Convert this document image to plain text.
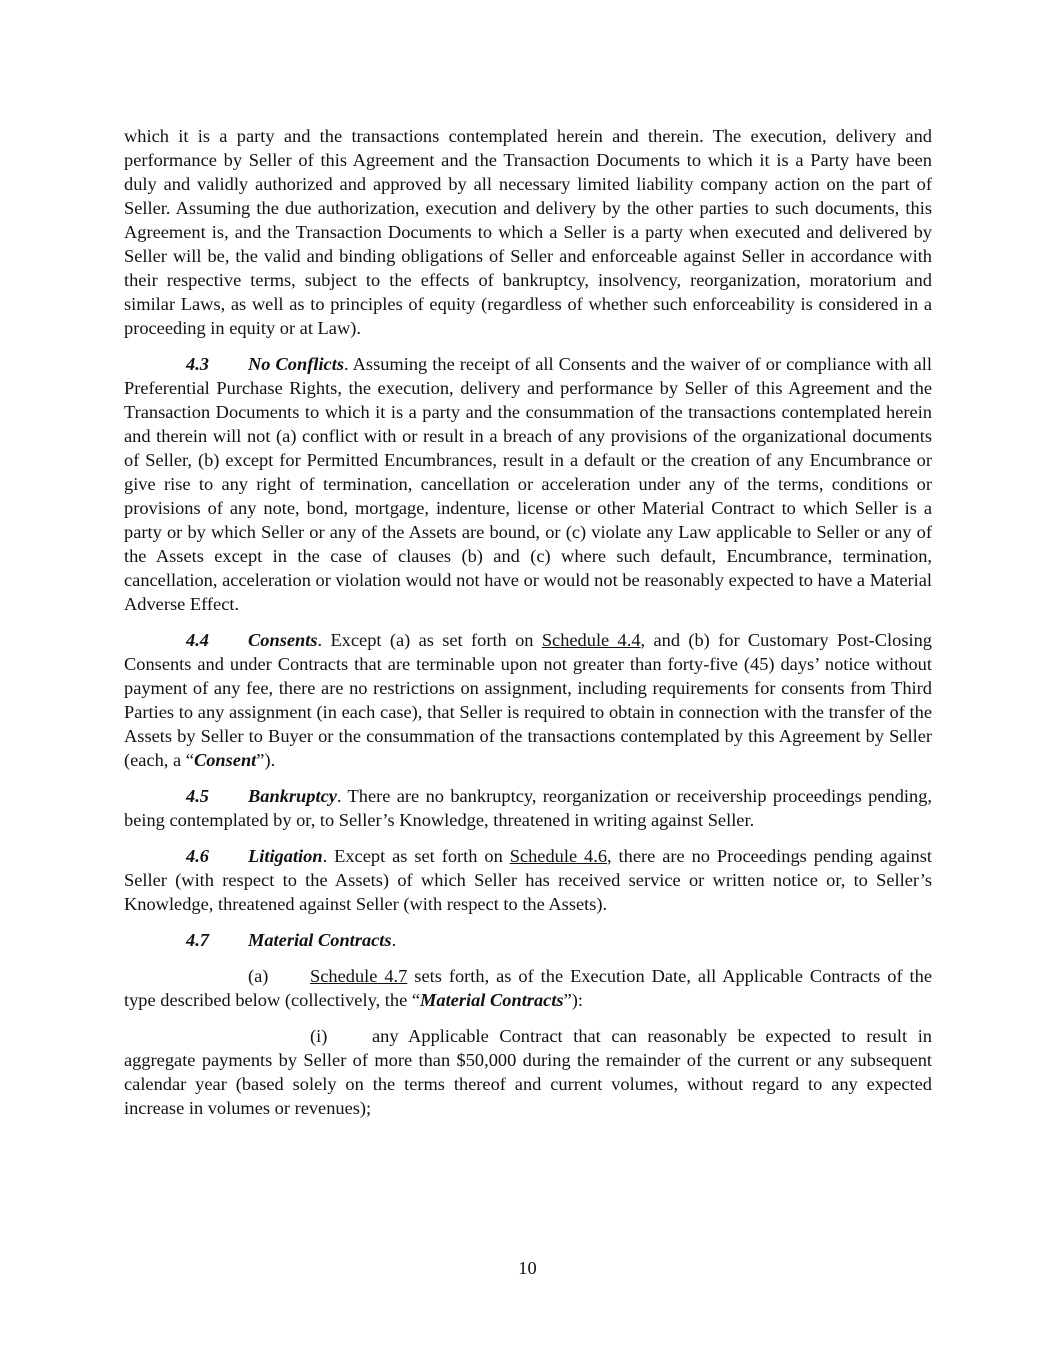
which it is a party and the transactions contemplated herein and therein. The execution, delivery and performance by Seller of this Agreement and the Transaction Documents to which it is a Party have been duly and validly authorized and approved by all necessary limited liability company action on the part of Seller. Assuming the due authorization, execution and delivery by the other parties to such documents, this Agreement is, and the Transaction Documents to which a Seller is a party when executed and delivered by Seller will be, the valid and binding obligations of Seller and enforceable against Seller in accordance with their respective terms, subject to the effects of bankruptcy, insolvency, reorganization, moratorium and similar Laws, as well as to principles of equity (regardless of whether such enforceability is considered in a proceeding in equity or at Law).

4.3 No Conflicts. Assuming the receipt of all Consents and the waiver of or compliance with all Preferential Purchase Rights, the execution, delivery and performance by Seller of this Agreement and the Transaction Documents to which it is a party and the consummation of the transactions contemplated herein and therein will not (a) conflict with or result in a breach of any provisions of the organizational documents of Seller, (b) except for Permitted Encumbrances, result in a default or the creation of any Encumbrance or give rise to any right of termination, cancellation or acceleration under any of the terms, conditions or provisions of any note, bond, mortgage, indenture, license or other Material Contract to which Seller is a party or by which Seller or any of the Assets are bound, or (c) violate any Law applicable to Seller or any of the Assets except in the case of clauses (b) and (c) where such default, Encumbrance, termination, cancellation, acceleration or violation would not have or would not be reasonably expected to have a Material Adverse Effect.

4.4 Consents. Except (a) as set forth on Schedule 4.4, and (b) for Customary Post-Closing Consents and under Contracts that are terminable upon not greater than forty-five (45) days’ notice without payment of any fee, there are no restrictions on assignment, including requirements for consents from Third Parties to any assignment (in each case), that Seller is required to obtain in connection with the transfer of the Assets by Seller to Buyer or the consummation of the transactions contemplated by this Agreement by Seller (each, a “Consent”).

4.5 Bankruptcy. There are no bankruptcy, reorganization or receivership proceedings pending, being contemplated by or, to Seller’s Knowledge, threatened in writing against Seller.

4.6 Litigation. Except as set forth on Schedule 4.6, there are no Proceedings pending against Seller (with respect to the Assets) of which Seller has received service or written notice or, to Seller’s Knowledge, threatened against Seller (with respect to the Assets).

4.7 Material Contracts.

(a) Schedule 4.7 sets forth, as of the Execution Date, all Applicable Contracts of the type described below (collectively, the “Material Contracts”):

(i) any Applicable Contract that can reasonably be expected to result in aggregate payments by Seller of more than $50,000 during the remainder of the current or any subsequent calendar year (based solely on the terms thereof and current volumes, without regard to any expected increase in volumes or revenues);

10
